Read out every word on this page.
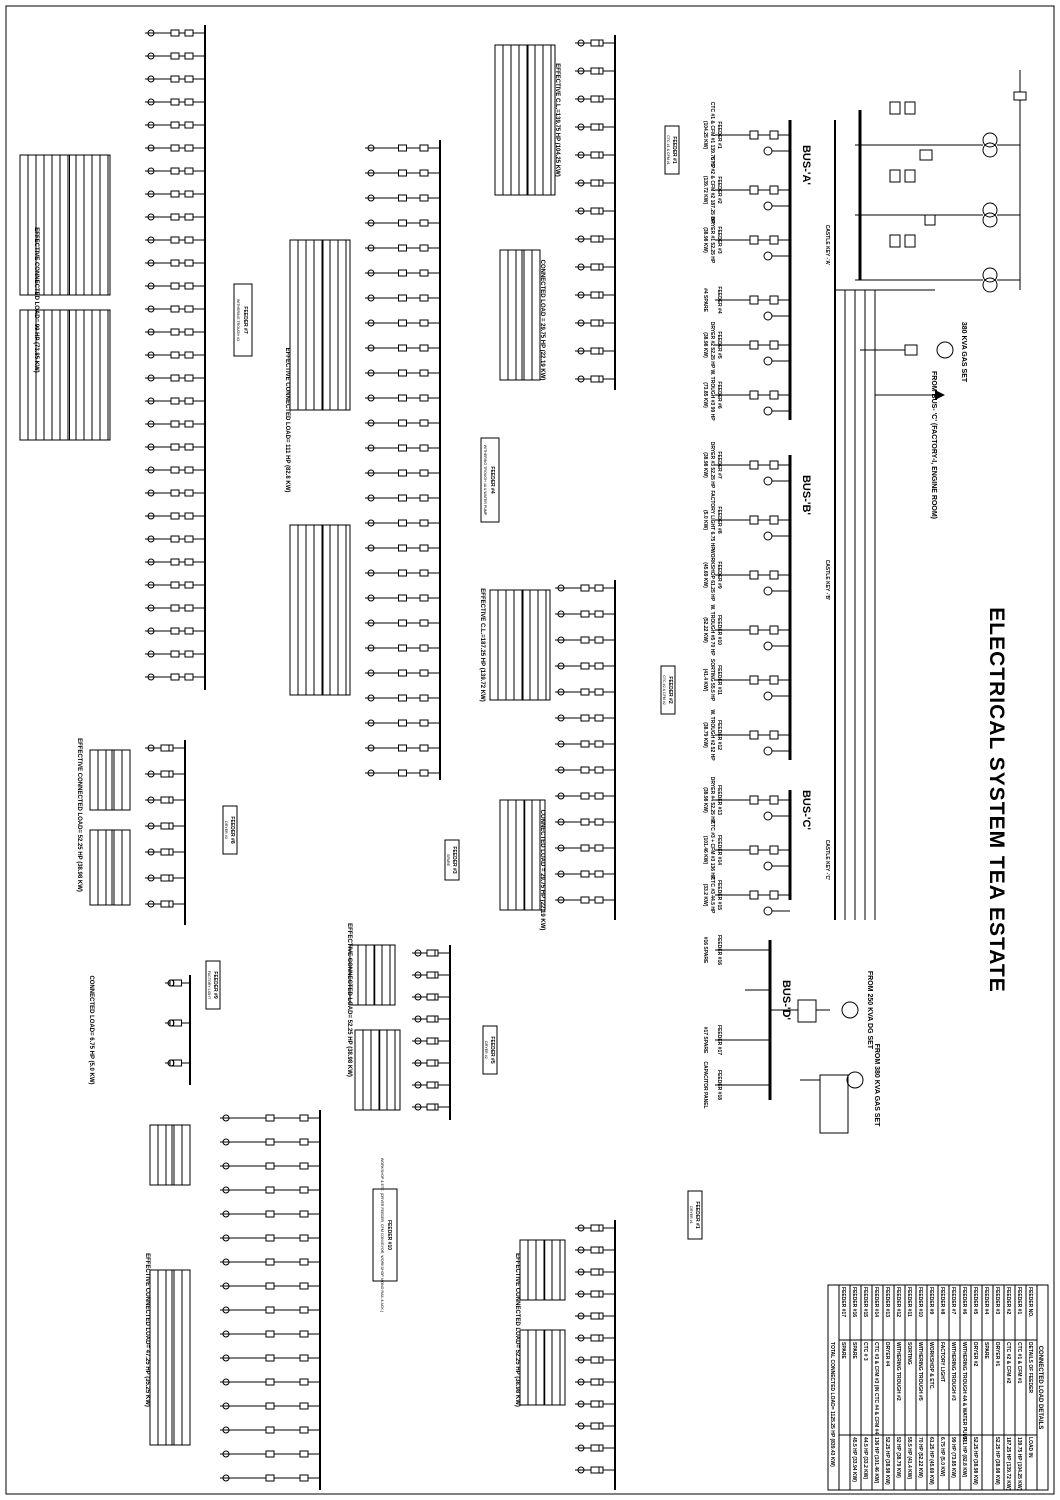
ELECTRICAL SYSTEM TEA ESTATE
380 KVA GAS SET
FROM BUS- 'C' (FACTORY-I, ENGINE ROOM)
BUS-'A'
BUS-'B'
BUS-'C'
CASTLE KEY -'A'
CASTLE KEY -'B'
CASTLE KEY -'C'
FEEDER #1
CTC #1 & CFM #1 139.75 HP
(104.25 KW)
FEEDER #2
CTC #2 & CFM #2 187.25 HP
(139.72 KW)
FEEDER #3
DRYER #1 52.25 HP
(38.98 KW)
FEEDER #4
#4 SPARE
FEEDER #5
DRYER #2 52.25 HP
(38.98 KW)
FEEDER #6
W. TROUGH #3 99 HP
(73.85 KW)
FEEDER #7
DRYER #3 52.25 HP
(38.98 KW)
FEEDER #8
FACTORY LIGHT 6.75 HP
(5.0 KW)
FEEDER #9
WORKSHOP 61.25 HP
(45.69 KW)
FEEDER #10
W. TROUGH #5 70 HP
(52.22 KW)
FEEDER #11
SORTING 55.5 HP
(41.4 KW)
FEEDER #12
W. TROUGH #2 52 HP
(38.79 KW)
FEEDER #13
DRYER #4 52.25 HP
(38.98 KW)
FEEDER #14
CTC #3 + CFM #3 136 HP
(101.46 KW)
FEEDER #15
CTC #3 44.5 HP
(33.2 KW)
FEEDER #16
#16 SPARE
FEEDER #17
#17 SPARE
FEEDER #18
CAPACITOR PANEL
BUS-'D'	FROM 250 KVA DG SET
FROM 380 KVA GAS SET
FEEDER #1
CTC #1 & CFM #1
FEEDER #2
CTC #2 & CFM #2
FEEDER #4
WITHERING TROUGH 4A & WATER PUMP
FEEDER #7
WITHERING TROUGH #3
FEEDER #8
DRYER #3
FEEDER #3
SPARE
FEEDER #5
DRYER #2
FEEDER #9
FACTORY LIGHT
FEEDER #10
WORKSHOP & ETC. (DRYER FEEDER, CFM CONVEYOR, WORKSHOP, MONO RAIL & ACK.)	FEEDER #1
DRYER #1
EFFECTIVE C.L.=139.75 HP (104.25 KW)
CONNECTED LOAD = 29.75 HP (22.19 KW)
EFFECTIVE C.L.=187.25 HP (139.72 KW)
CONNECTED LOAD = 29.75 HP (22.19 KW)
EFFECTIVE CONNECTED LOAD= 111 HP (82.8 KW)
EFFECTIVE CONNECTED LOAD= 99 HP (73.85 KW)
EFFECTIVE CONNECTED LOAD= 52.25 HP (38.98 KW)
EFFECTIVE CONNECTED LOAD= 52.25 HP (38.98 KW)
CONNECTED LOAD= 6.75 HP (5.0 KW)
EFFECTIVE CONNECTED LOAD= 47.25 HP (35.25 KW)	EFFECTIVE CONNECTED LOAD= 52.25 HP (38.98 KW)	CONNECTED LOAD DETAILS
FEEDER NO.
DETAILS OF FEEDER
LOAD IN
FEEDER #1
CTC #1 & CFM #1
139.75 HP (104.25 KW)
FEEDER #2
CTC #2 & CFM #2
187.25 HP (139.72 KW)
FEEDER #3
DRYER #1
52.25 HP (38.98 KW)
FEEDER #4
SPARE
FEEDER #5
DRYER #2
52.25 HP (38.98 KW)
FEEDER #6
WITHERING TROUGH 4A & WATER PUMP
111 HP (82.8 KW)
FEEDER #7
WITHERING TROUGH #3
99 HP (73.85 KW)
FEEDER #8
FACTORY LIGHT
6.75 HP (5.0 KW)
FEEDER #9
WORKSHOP & ETC.
61.25 HP (45.69 KW)
FEEDER #10
WITHERING TROUGH #5
70 HP (52.22 KW)
FEEDER #11
SORTING
55.5 HP (41.4 KW)
FEEDER #12
WITHERING TROUGH #2
52 HP (38.79 KW)
FEEDER #13
DRYER #4
52.25 HP (38.98 KW)
FEEDER #14
CTC #3 & CFM #3 (IN CTC #4 & CFM #4)
136 HP (101.46 KW)
FEEDER #15
CTC # 3
44.5 HP (33.2 KW)
FEEDER #16
SPARE
45.5 HP (33.94 KW)
FEEDER #17
SPARE
TOTAL CONNECTED LOAD= 1125.25 HP (839.43 KW)
